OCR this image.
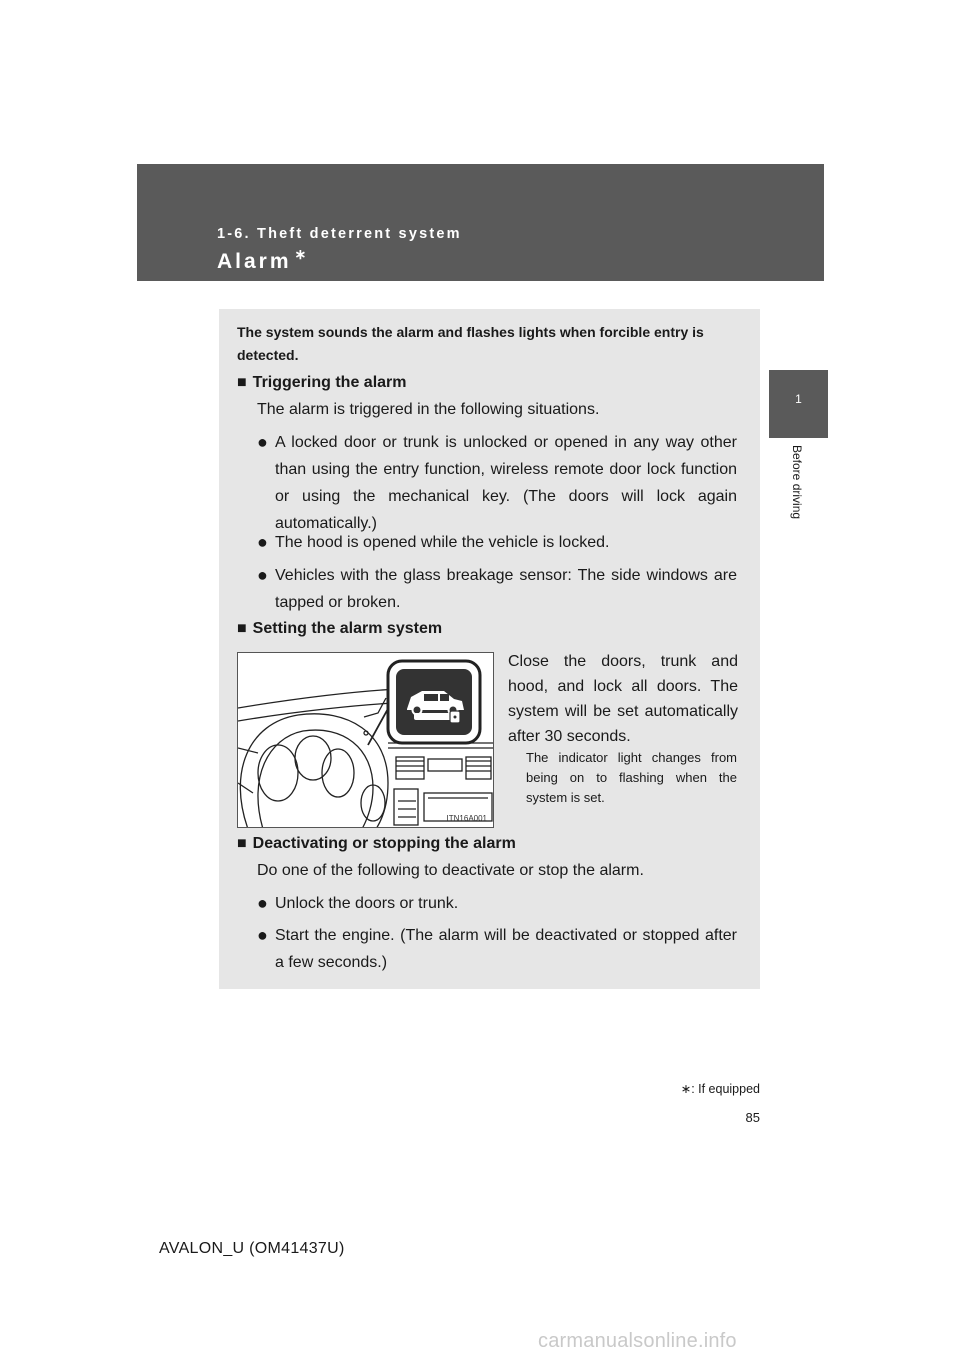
1-6. Theft deterrent system
Alarm ∗
1
Before driving
The system sounds the alarm and flashes lights when forcible entry is detected.
■ Triggering the alarm
The alarm is triggered in the following situations.
● A locked door or trunk is unlocked or opened in any way other than using the entry function, wireless remote door lock function or using the mechanical key. (The doors will lock again automatically.)
● The hood is opened while the vehicle is locked.
● Vehicles with the glass breakage sensor: The side windows are tapped or broken.
■ Setting the alarm system
ITN16A001
Close the doors, trunk and hood, and lock all doors. The system will be set automatically after 30 seconds.
The indicator light changes from being on to flashing when the system is set.
■ Deactivating or stopping the alarm
Do one of the following to deactivate or stop the alarm.
● Unlock the doors or trunk.
● Start the engine. (The alarm will be deactivated or stopped after a few seconds.)
∗: If equipped
85
AVALON_U (OM41437U)
carmanualsonline.info
